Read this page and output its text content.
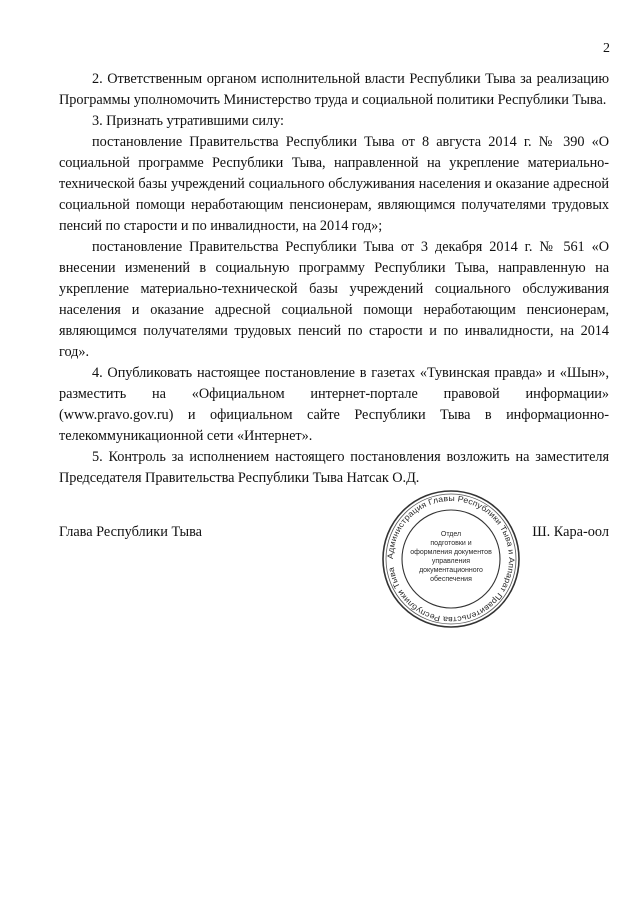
2

2. Ответственным органом исполнительной власти Республики Тыва за реализацию Программы уполномочить Министерство труда и социальной политики Республики Тыва.

3. Признать утратившими силу:

постановление Правительства Республики Тыва от 8 августа 2014 г. № 390 «О социальной программе Республики Тыва, направленной на укрепление материально-технической базы учреждений социального обслуживания населения и оказание адресной социальной помощи неработающим пенсионерам, являющимся получателями трудовых пенсий по старости и по инвалидности, на 2014 год»;

постановление Правительства Республики Тыва от 3 декабря 2014 г. № 561 «О внесении изменений в социальную программу Республики Тыва, направленную на укрепление материально-технической базы учреждений социального обслуживания населения и оказание адресной социальной помощи неработающим пенсионерам, являющимся получателями трудовых пенсий по старости и по инвалидности, на 2014 год».

4. Опубликовать настоящее постановление в газетах «Тувинская правда» и «Шын», разместить на «Официальном интернет-портале правовой информации» (www.pravo.gov.ru) и официальном сайте Республики Тыва в информационно-телекоммуникационной сети «Интернет».

5. Контроль за исполнением настоящего постановления возложить на заместителя Председателя Правительства Республики Тыва Натсак О.Д.

Глава Республики Тыва	Ш. Кара-оол
Администрация Главы Республики Тыва и Аппарат Правительства Республики Тыва
Отдел
подготовки и
оформления документов
управления
документационного
обеспечения
